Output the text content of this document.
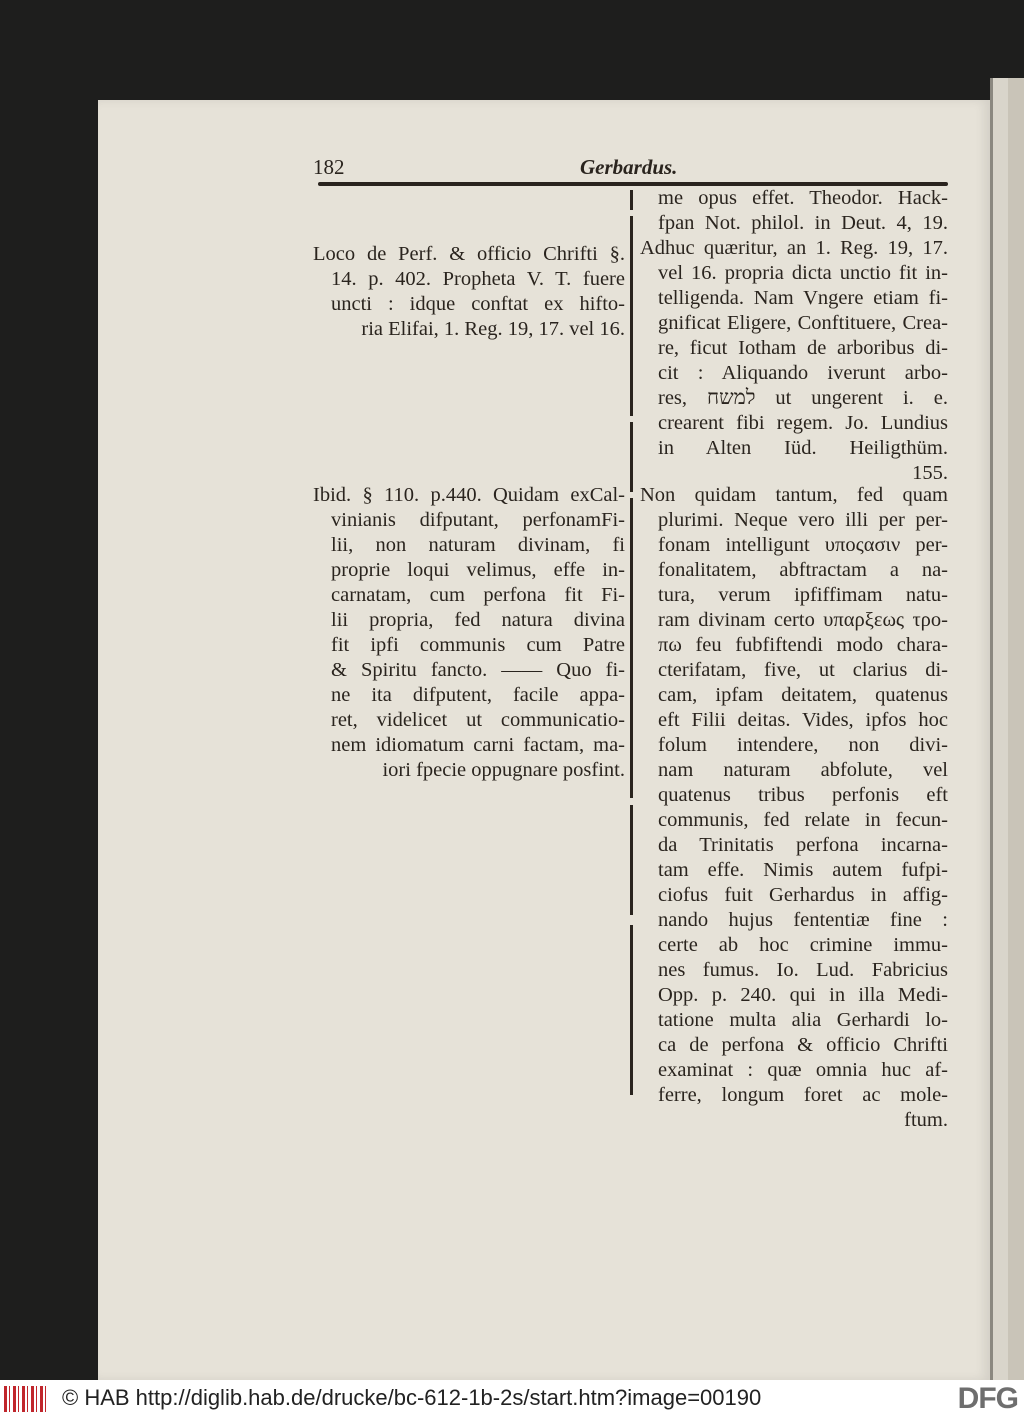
182	Gerbardus.
Loco de Perf. & officio Chrifti §.
14. p. 402. Propheta V. T. fuere
uncti : idque conftat ex hifto-
ria Elifai, 1. Reg. 19, 17. vel 16.
Ibid. § 110. p.440. Quidam exCal-
vinianis difputant, perfonamFi-
lii, non naturam divinam, fi
proprie loqui velimus, effe in-
carnatam, cum perfona fit Fi-
lii propria, fed natura divina
fit ipfi communis cum Patre
& Spiritu fancto. —— Quo fi-
ne ita difputent, facile appa-
ret, videlicet ut communicatio-
nem idiomatum carni factam, ma-
iori fpecie oppugnare posfint.
me opus effet. Theodor. Hack-
fpan Not. philol. in Deut. 4, 19.
Adhuc quæritur, an 1. Reg. 19, 17.
vel 16. propria dicta unctio fit in-
telligenda. Nam Vngere etiam fi-
gnificat Eligere, Conftituere, Crea-
re, ficut Iotham de arboribus di-
cit : Aliquando iverunt arbo-
res, למשח ut ungerent i. e.
crearent fibi regem. Jo. Lundius
in Alten Iüd. Heiligthüm.
155.
Non quidam tantum, fed quam
plurimi. Neque vero illi per per-
fonam intelligunt υποςασιν per-
fonalitatem, abftractam a na-
tura, verum ipfiffimam natu-
ram divinam certo υπαρξεως τρο-
πω feu fubfiftendi modo chara-
cterifatam, five, ut clarius di-
cam, ipfam deitatem, quatenus
eft Filii deitas. Vides, ipfos hoc
folum intendere, non divi-
nam naturam abfolute, vel
quatenus tribus perfonis eft
communis, fed relate in fecun-
da Trinitatis perfona incarna-
tam effe. Nimis autem fufpi-
ciofus fuit Gerhardus in affig-
nando hujus fententiæ fine :
certe ab hoc crimine immu-
nes fumus. Io. Lud. Fabricius
Opp. p. 240. qui in illa Medi-
tatione multa alia Gerhardi lo-
ca de perfona & officio Chrifti
examinat : quæ omnia huc af-
ferre, longum foret ac mole-
ftum.
© HAB http://diglib.hab.de/drucke/bc-612-1b-2s/start.htm?image=00190	DFG
